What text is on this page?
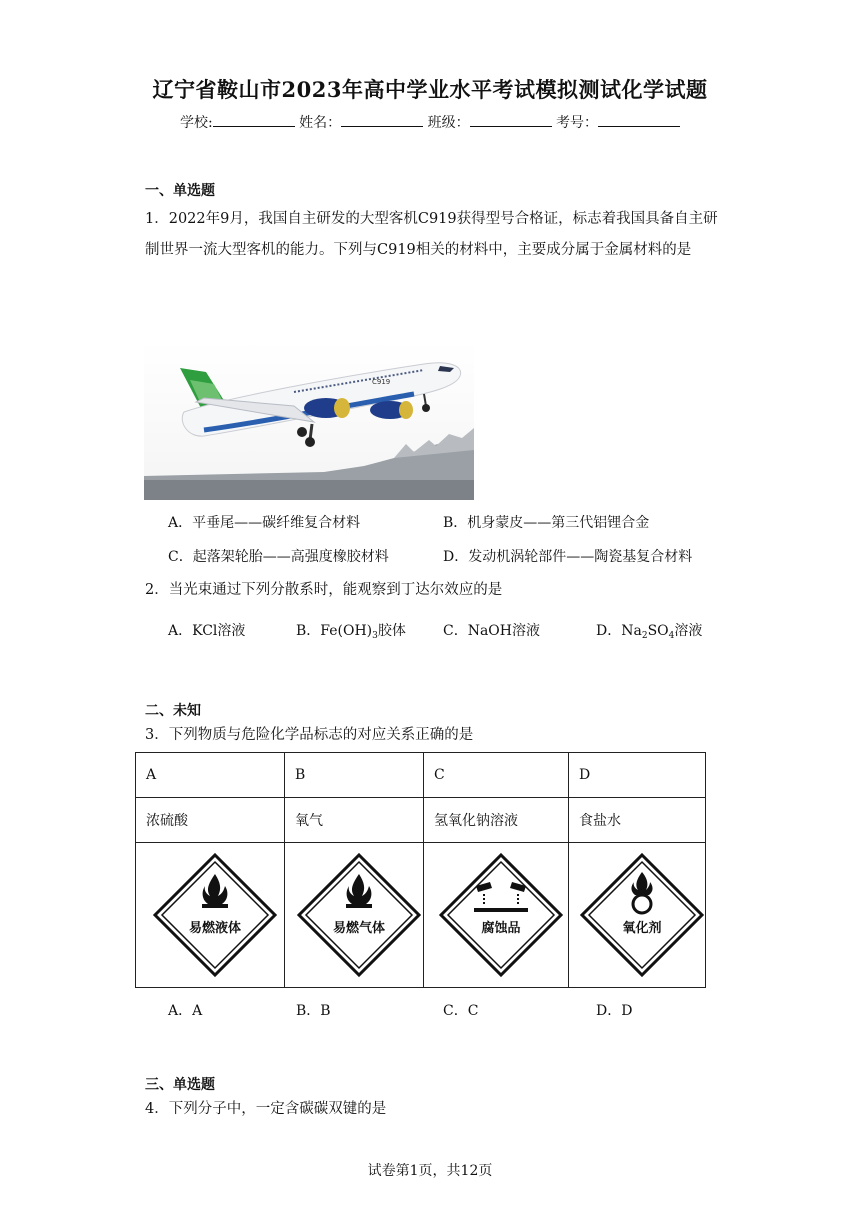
辽宁省鞍山市2023年高中学业水平考试模拟测试化学试题
学校:	姓名：	班级：	考号：
一、单选题
1．2022年9月，我国自主研发的大型客机C919获得型号合格证，标志着我国具备自主研制世界一流大型客机的能力。下列与C919相关的材料中，主要成分属于金属材料的是
C919
A．平垂尾——碳纤维复合材料	B．机身蒙皮——第三代铝锂合金
C．起落架轮胎——高强度橡胶材料	D．发动机涡轮部件——陶瓷基复合材料
2．当光束通过下列分散系时，能观察到丁达尔效应的是
A．KCl溶液	B．$Fe(OH)_3$胶体	C．NaOH溶液	D．$Na_2SO_4$溶液
二、未知
3．下列物质与危险化学品标志的对应关系正确的是
A	B	C	D
浓硫酸	氧气	氢氧化钠溶液	食盐水

易燃液体	易燃气体	腐蚀品	氧化剂
A．A	B．B	C．C	D．D
三、单选题
4．下列分子中，一定含碳碳双键的是
试卷第1页，共12页
